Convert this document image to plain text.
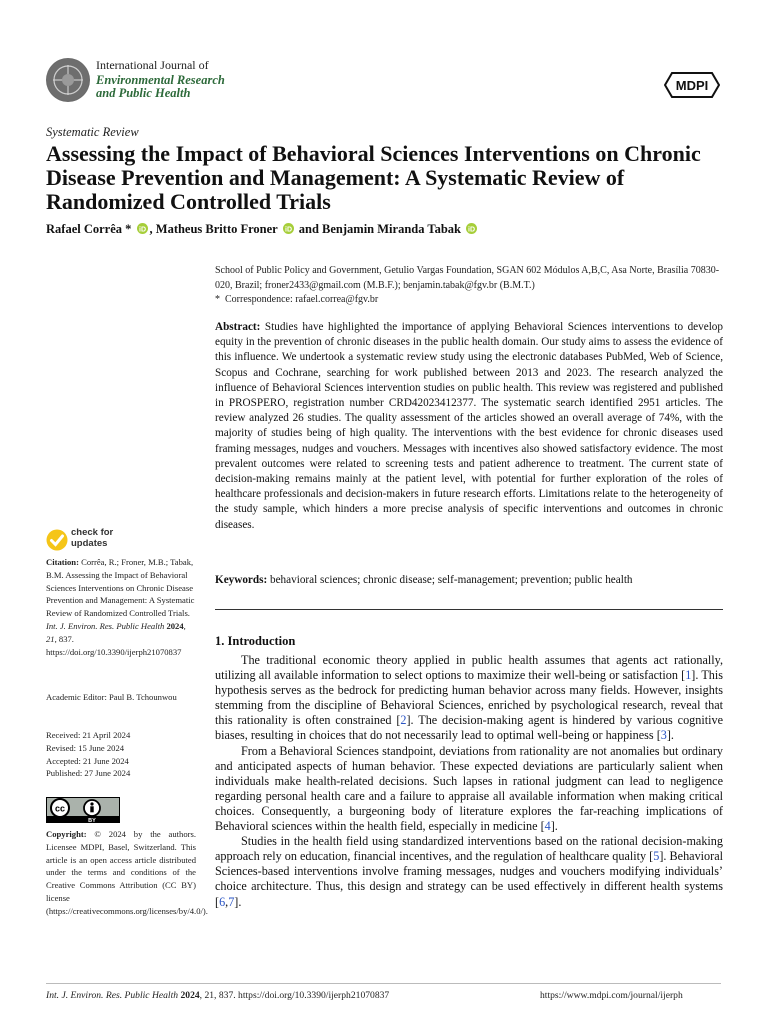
International Journal of
Environmental Research
and Public Health	MDPI
Systematic Review
Assessing the Impact of Behavioral Sciences Interventions on Chronic Disease Prevention and Management: A Systematic Review of Randomized Controlled Trials
Rafael Corrêa * iD , Matheus Britto Froner iD and Benjamin Miranda Tabak iD
School of Public Policy and Government, Getulio Vargas Foundation, SGAN 602 Módulos A,B,C, Asa Norte, Brasília 70830-020, Brazil; froner2433@gmail.com (M.B.F.); benjamin.tabak@fgv.br (B.M.T.)
*  Correspondence: rafael.correa@fgv.br
Abstract: Studies have highlighted the importance of applying Behavioral Sciences interventions to develop equity in the prevention of chronic diseases in the public health domain. Our study aims to assess the evidence of this influence. We undertook a systematic review study using the electronic databases PubMed, Web of Science, Scopus and Cochrane, searching for work published between 2013 and 2023. The research analyzed the influence of Behavioral Sciences intervention studies on public health. This review was registered and published in PROSPERO, registration number CRD42023412377. The systematic search identified 2951 articles. The review analyzed 26 studies. The quality assessment of the articles showed an overall average of 74%, with the majority of studies being of high quality. The interventions with the best evidence for chronic diseases used framing messages, nudges and vouchers. Messages with incentives also showed satisfactory evidence. The most prevalent outcomes were related to screening tests and patient adherence to treatment. The current state of decision-making remains mainly at the patient level, with potential for further exploration of the roles of healthcare professionals and decision-makers in future research efforts. Limitations relate to the heterogeneity of the study sample, which hinders a more precise analysis of specific interventions and outcomes in chronic diseases.
Keywords: behavioral sciences; chronic disease; self-management; prevention; public health
1. Introduction

The traditional economic theory applied in public health assumes that agents act rationally, utilizing all available information to select options to maximize their well-being or satisfaction [1]. This hypothesis serves as the bedrock for predicting human behavior across many fields. However, insights stemming from the discipline of Behavioral Sciences, enriched by psychological research, reveal that this rationality is often constrained [2]. The decision-making agent is hindered by various cognitive biases, resulting in choices that do not necessarily lead to optimal well-being or happiness [3].

From a Behavioral Sciences standpoint, deviations from rationality are not anomalies but ordinary and anticipated aspects of human behavior. These expected deviations are particularly salient when individuals make health-related decisions. Such lapses in rational judgment can lead to negligence regarding personal health care and a failure to appraise all available information when making critical choices. Consequently, a burgeoning body of literature explores the far-reaching implications of Behavioral sciences within the health field, especially in medicine [4].

Studies in the health field using standardized interventions based on the rational decision-making approach rely on education, financial incentives, and the regulation of healthcare quality [5]. Behavioral Sciences-based interventions involve framing messages, nudges and vouchers modifying individuals’ choice architecture. Thus, this design and strategy can be used effectively in different health systems [6,7].

check for
updates
Citation: Corrêa, R.; Froner, M.B.; Tabak, B.M. Assessing the Impact of Behavioral Sciences Interventions on Chronic Disease Prevention and Management: A Systematic Review of Randomized Controlled Trials. Int. J. Environ. Res. Public Health 2024, 21, 837. https://doi.org/10.3390/ijerph21070837
Academic Editor: Paul B. Tchounwou
Received: 21 April 2024
Revised: 15 June 2024
Accepted: 21 June 2024
Published: 27 June 2024
cc
BY
Copyright: © 2024 by the authors. Licensee MDPI, Basel, Switzerland. This article is an open access article distributed under the terms and conditions of the Creative Commons Attribution (CC BY) license (https://creativecommons.org/licenses/by/4.0/).
Int. J. Environ. Res. Public Health 2024, 21, 837. https://doi.org/10.3390/ijerph21070837	https://www.mdpi.com/journal/ijerph
